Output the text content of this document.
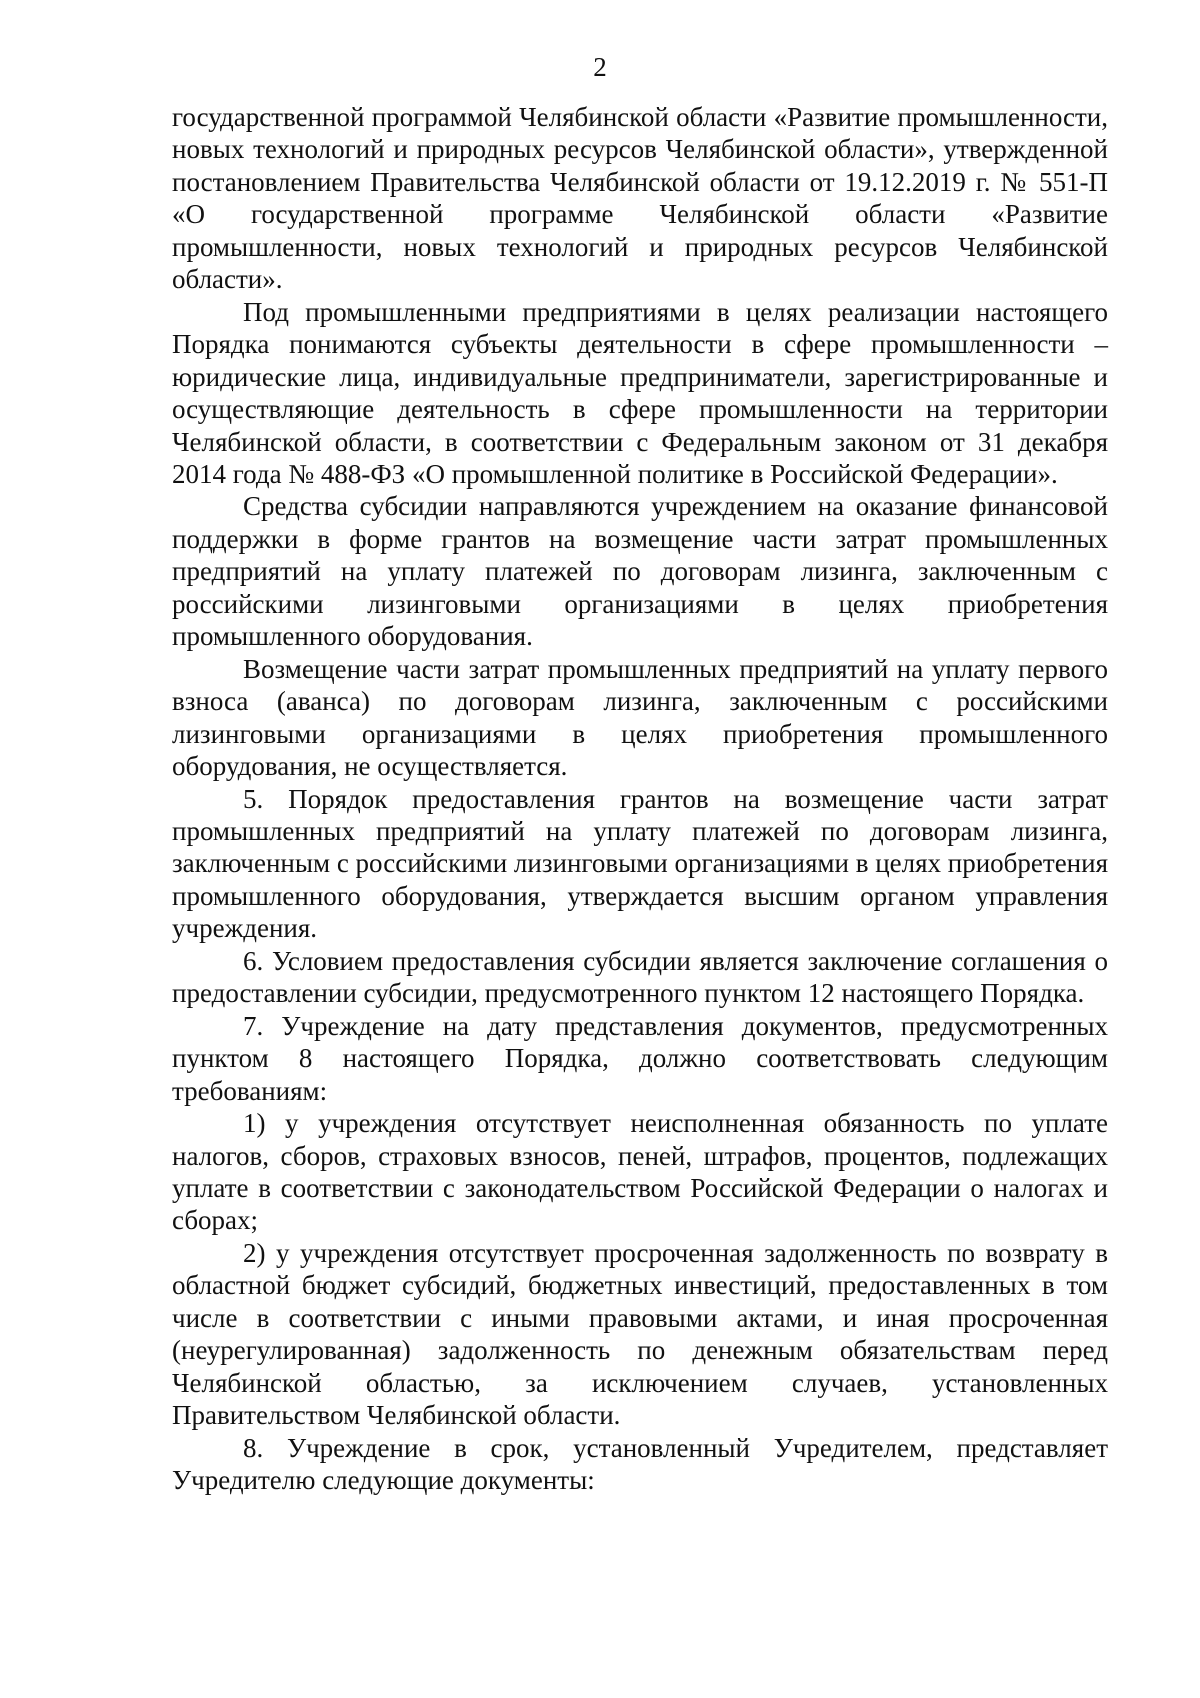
2

государственной программой Челябинской области «Развитие промышленности, новых технологий и природных ресурсов Челябинской области», утвержденной постановлением Правительства Челябинской области от 19.12.2019 г. № 551-П «О государственной программе Челябинской области «Развитие промышленности, новых технологий и природных ресурсов Челябинской области».

Под промышленными предприятиями в целях реализации настоящего Порядка понимаются субъекты деятельности в сфере промышленности – юридические лица, индивидуальные предприниматели, зарегистрированные и осуществляющие деятельность в сфере промышленности на территории Челябинской области, в соответствии с Федеральным законом от 31 декабря 2014 года № 488-ФЗ «О промышленной политике в Российской Федерации».

Средства субсидии направляются учреждением на оказание финансовой поддержки в форме грантов на возмещение части затрат промышленных предприятий на уплату платежей по договорам лизинга, заключенным с российскими лизинговыми организациями в целях приобретения промышленного оборудования.

Возмещение части затрат промышленных предприятий на уплату первого взноса (аванса) по договорам лизинга, заключенным с российскими лизинговыми организациями в целях приобретения промышленного оборудования, не осуществляется.

5. Порядок предоставления грантов на возмещение части затрат промышленных предприятий на уплату платежей по договорам лизинга, заключенным с российскими лизинговыми организациями в целях приобретения промышленного оборудования, утверждается высшим органом управления учреждения.

6. Условием предоставления субсидии является заключение соглашения о предоставлении субсидии, предусмотренного пунктом 12 настоящего Порядка.

7. Учреждение на дату представления документов, предусмотренных пунктом 8 настоящего Порядка, должно соответствовать следующим требованиям:

1) у учреждения отсутствует неисполненная обязанность по уплате налогов, сборов, страховых взносов, пеней, штрафов, процентов, подлежащих уплате в соответствии с законодательством Российской Федерации о налогах и сборах;

2) у учреждения отсутствует просроченная задолженность по возврату в областной бюджет субсидий, бюджетных инвестиций, предоставленных в том числе в соответствии с иными правовыми актами, и иная просроченная (неурегулированная) задолженность по денежным обязательствам перед Челябинской областью, за исключением случаев, установленных Правительством Челябинской области.

8. Учреждение в срок, установленный Учредителем, представляет Учредителю следующие документы:
